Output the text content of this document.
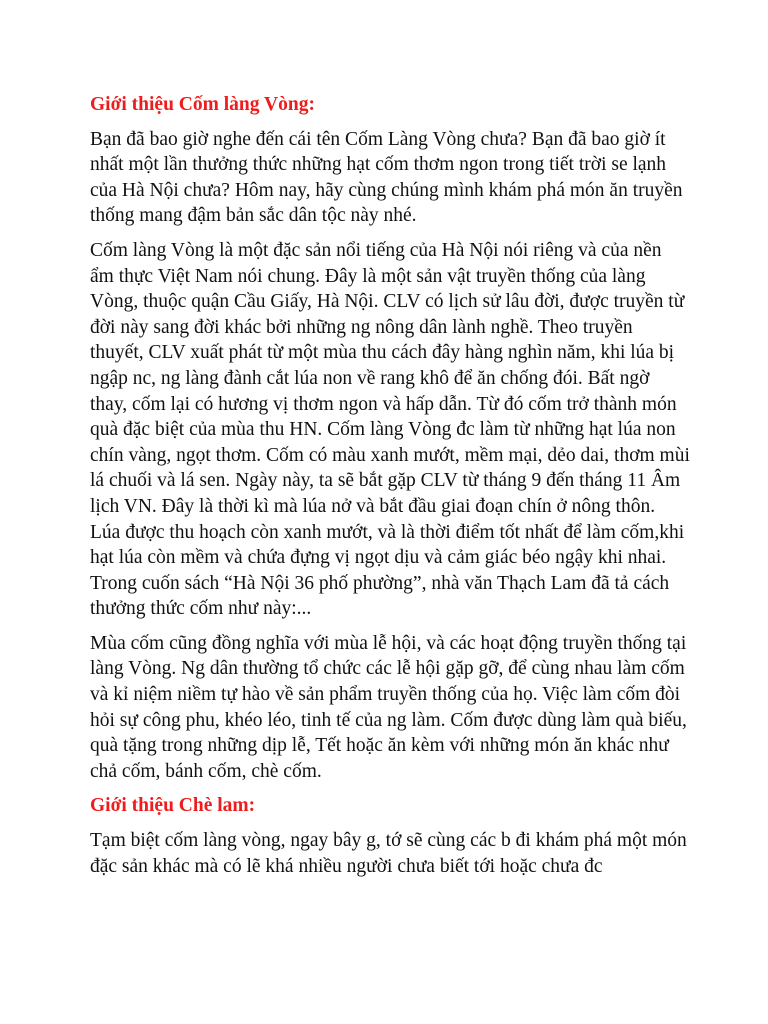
Giới thiệu Cốm làng Vòng:

Bạn đã bao giờ nghe đến cái tên Cốm Làng Vòng chưa? Bạn đã bao giờ ít nhất một lần thưởng thức những hạt cốm thơm ngon trong tiết trời se lạnh của Hà Nội chưa? Hôm nay, hãy cùng chúng mình khám phá món ăn truyền thống mang đậm bản sắc dân tộc này nhé.

Cốm làng Vòng là một đặc sản nổi tiếng của Hà Nội nói riêng và của nền ẩm thực Việt Nam nói chung. Đây là một sản vật truyền thống của làng Vòng, thuộc quận Cầu Giấy, Hà Nội. CLV có lịch sử lâu đời, được truyền từ đời này sang đời khác bởi những ng nông dân lành nghề. Theo truyền thuyết, CLV xuất phát từ một mùa thu cách đây hàng nghìn năm, khi lúa bị ngập nc, ng làng đành cắt lúa non về rang khô để ăn chống đói. Bất ngờ thay, cốm lại có hương vị thơm ngon và hấp dẫn. Từ đó cốm trở thành món quà đặc biệt của mùa thu HN. Cốm làng Vòng đc làm từ những hạt lúa non chín vàng, ngọt thơm. Cốm có màu xanh mướt, mềm mại, dẻo dai, thơm mùi lá chuối và lá sen. Ngày này, ta sẽ bắt gặp CLV từ tháng 9 đến tháng 11 Âm lịch VN. Đây là thời kì mà lúa nở và bắt đầu giai đoạn chín ở nông thôn. Lúa được thu hoạch còn xanh mướt, và là thời điểm tốt nhất để làm cốm,khi hạt lúa còn mềm và chứa đựng vị ngọt dịu và cảm giác béo ngậy khi nhai. Trong cuốn sách “Hà Nội 36 phố phường”, nhà văn Thạch Lam đã tả cách thưởng thức cốm như này:...

Mùa cốm cũng đồng nghĩa với mùa lễ hội, và các hoạt động truyền thống tại làng Vòng. Ng dân thường tổ chức các lễ hội gặp gỡ, để cùng nhau làm cốm và kỉ niệm niềm tự hào về sản phẩm truyền thống của họ. Việc làm cốm đòi hỏi sự công phu, khéo léo, tinh tế của ng làm. Cốm được dùng làm quà biếu, quà tặng trong những dịp lễ, Tết hoặc ăn kèm với những món ăn khác như chả cốm, bánh cốm, chè cốm.

Giới thiệu Chè lam:

Tạm biệt cốm làng vòng, ngay bây g, tớ sẽ cùng các b đi khám phá một món đặc sản khác mà có lẽ khá nhiều người chưa biết tới hoặc chưa đc
